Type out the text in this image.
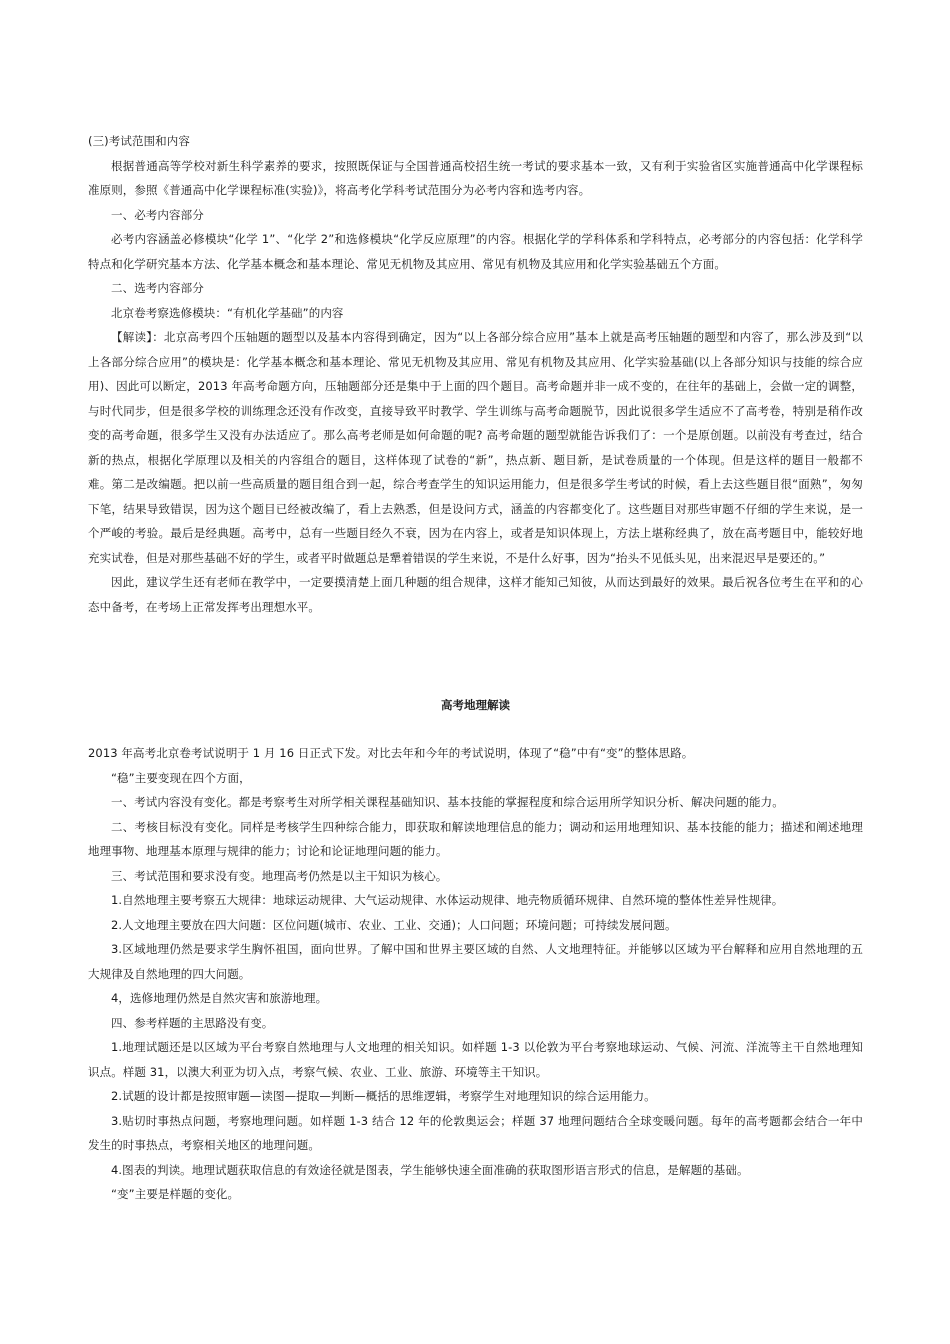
(三)考试范围和内容

根据普通高等学校对新生科学素养的要求，按照既保证与全国普通高校招生统一考试的要求基本一致，又有利于实验省区实施普通高中化学课程标准原则，参照《普通高中化学课程标准(实验)》，将高考化学科考试范围分为必考内容和选考内容。

一、必考内容部分

必考内容涵盖必修模块“化学 1”、“化学 2”和选修模块“化学反应原理”的内容。根据化学的学科体系和学科特点，必考部分的内容包括：化学科学特点和化学研究基本方法、化学基本概念和基本理论、常见无机物及其应用、常见有机物及其应用和化学实验基础五个方面。

二、选考内容部分

北京卷考察选修模块：“有机化学基础”的内容

【解读】：北京高考四个压轴题的题型以及基本内容得到确定，因为“以上各部分综合应用”基本上就是高考压轴题的题型和内容了，那么涉及到“以上各部分综合应用”的模块是：化学基本概念和基本理论、常见无机物及其应用、常见有机物及其应用、化学实验基础(以上各部分知识与技能的综合应用)、因此可以断定，2013 年高考命题方向，压轴题部分还是集中于上面的四个题目。高考命题并非一成不变的，在往年的基础上，会做一定的调整，与时代同步，但是很多学校的训练理念还没有作改变，直接导致平时教学、学生训练与高考命题脱节，因此说很多学生适应不了高考卷，特别是稍作改变的高考命题，很多学生又没有办法适应了。那么高考老师是如何命题的呢? 高考命题的题型就能告诉我们了：一个是原创题。以前没有考查过，结合新的热点，根据化学原理以及相关的内容组合的题目，这样体现了试卷的“新”，热点新、题目新，是试卷质量的一个体现。但是这样的题目一般都不难。第二是改编题。把以前一些高质量的题目组合到一起，综合考查学生的知识运用能力，但是很多学生考试的时候，看上去这些题目很“面熟”，匆匆下笔，结果导致错误，因为这个题目已经被改编了，看上去熟悉，但是设问方式，涵盖的内容都变化了。这些题目对那些审题不仔细的学生来说，是一个严峻的考验。最后是经典题。高考中，总有一些题目经久不衰，因为在内容上，或者是知识体现上，方法上堪称经典了，放在高考题目中，能较好地充实试卷，但是对那些基础不好的学生，或者平时做题总是犟着错误的学生来说，不是什么好事，因为“抬头不见低头见，出来混迟早是要还的。”

因此，建议学生还有老师在教学中，一定要摸清楚上面几种题的组合规律，这样才能知己知彼，从而达到最好的效果。最后祝各位考生在平和的心态中备考，在考场上正常发挥考出理想水平。

高考地理解读

2013 年高考北京卷考试说明于 1 月 16 日正式下发。对比去年和今年的考试说明，体现了“稳”中有“变”的整体思路。

“稳”主要变现在四个方面，

一、考试内容没有变化。都是考察考生对所学相关课程基础知识、基本技能的掌握程度和综合运用所学知识分析、解决问题的能力。

二、考核目标没有变化。同样是考核学生四种综合能力，即获取和解读地理信息的能力；调动和运用地理知识、基本技能的能力；描述和阐述地理地理事物、地理基本原理与规律的能力；讨论和论证地理问题的能力。

三、考试范围和要求没有变。地理高考仍然是以主干知识为核心。

1.自然地理主要考察五大规律：地球运动规律、大气运动规律、水体运动规律、地壳物质循环规律、自然环境的整体性差异性规律。

2.人文地理主要放在四大问题：区位问题(城市、农业、工业、交通)；人口问题；环境问题；可持续发展问题。

3.区域地理仍然是要求学生胸怀祖国，面向世界。了解中国和世界主要区域的自然、人文地理特征。并能够以区域为平台解释和应用自然地理的五大规律及自然地理的四大问题。

4，选修地理仍然是自然灾害和旅游地理。

四、参考样题的主思路没有变。

1.地理试题还是以区域为平台考察自然地理与人文地理的相关知识。如样题 1-3 以伦敦为平台考察地球运动、气候、河流、洋流等主干自然地理知识点。样题 31，以澳大利亚为切入点，考察气候、农业、工业、旅游、环境等主干知识。

2.试题的设计都是按照审题—读图—提取—判断—概括的思维逻辑，考察学生对地理知识的综合运用能力。

3.贴切时事热点问题，考察地理问题。如样题 1-3 结合 12 年的伦敦奥运会；样题 37 地理问题结合全球变暖问题。每年的高考题都会结合一年中发生的时事热点，考察相关地区的地理问题。

4.图表的判读。地理试题获取信息的有效途径就是图表，学生能够快速全面准确的获取图形语言形式的信息，是解题的基础。

“变”主要是样题的变化。
